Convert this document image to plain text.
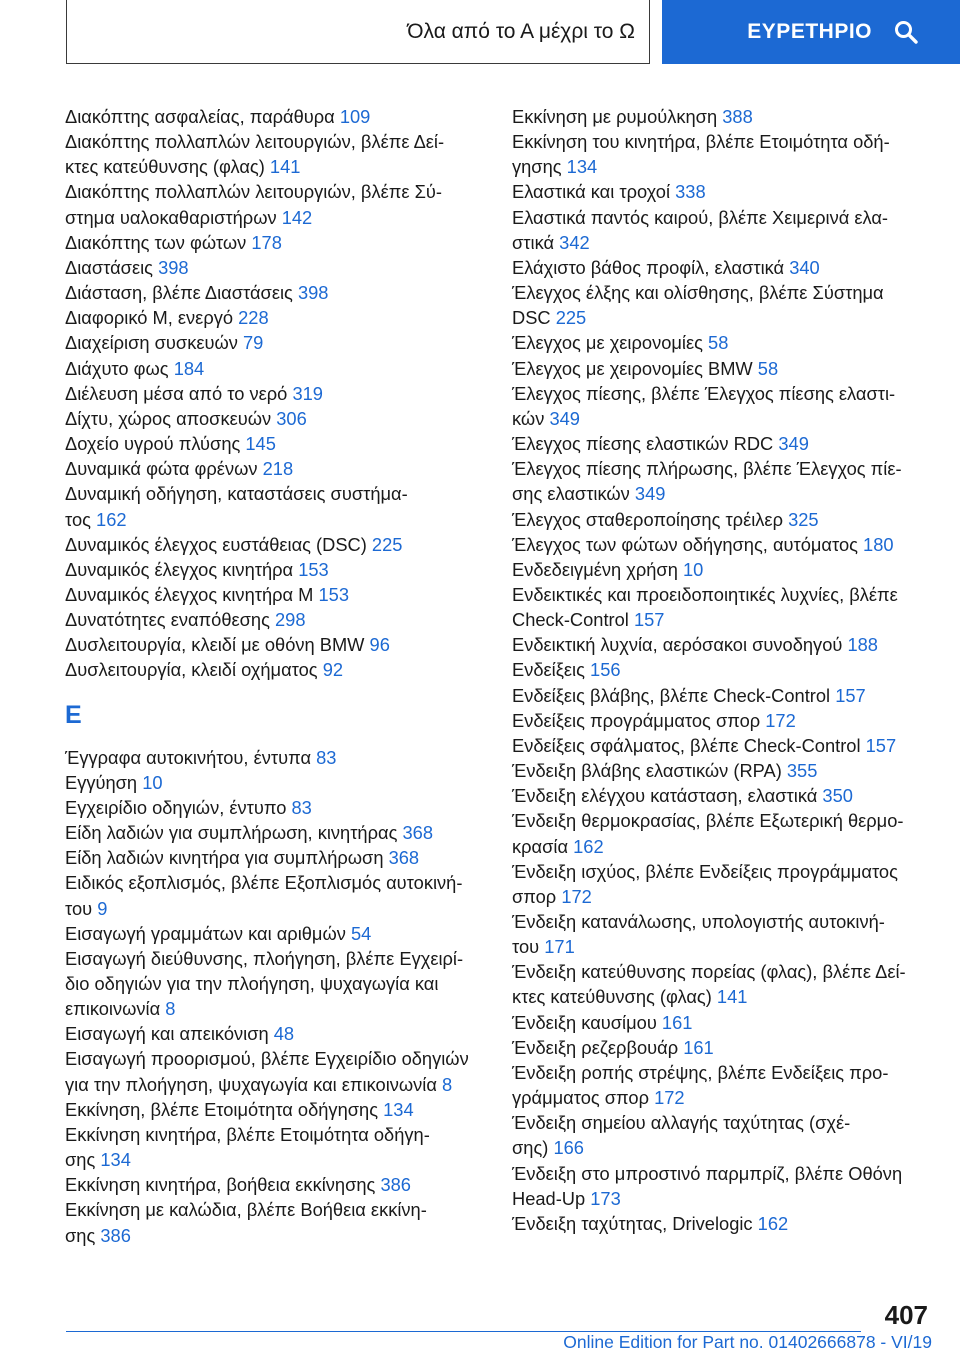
Όλα από το Α μέχρι το Ω	ΕΥΡΕΤΗΡΙΟ
Διακόπτης ασφαλείας, παράθυρα 109
Διακόπτης πολλαπλών λειτουργιών, βλέπε Δεί-
κτες κατεύθυνσης (φλας) 141
Διακόπτης πολλαπλών λειτουργιών, βλέπε Σύ-
στημα υαλοκαθαριστήρων 142
Διακόπτης των φώτων 178
Διαστάσεις 398
Διάσταση, βλέπε Διαστάσεις 398
Διαφορικό M, ενεργό 228
Διαχείριση συσκευών 79
Διάχυτο φως 184
Διέλευση μέσα από το νερό 319
Δίχτυ, χώρος αποσκευών 306
Δοχείο υγρού πλύσης 145
Δυναμικά φώτα φρένων 218
Δυναμική οδήγηση, καταστάσεις συστήμα-
τος 162
Δυναμικός έλεγχος ευστάθειας (DSC) 225
Δυναμικός έλεγχος κινητήρα 153
Δυναμικός έλεγχος κινητήρα M 153
Δυνατότητες εναπόθεσης 298
Δυσλειτουργία, κλειδί με οθόνη BMW 96
Δυσλειτουργία, κλειδί οχήματος 92
Ε
Έγγραφα αυτοκινήτου, έντυπα 83
Εγγύηση 10
Εγχειρίδιο οδηγιών, έντυπο 83
Είδη λαδιών για συμπλήρωση, κινητήρας 368
Είδη λαδιών κινητήρα για συμπλήρωση 368
Ειδικός εξοπλισμός, βλέπε Εξοπλισμός αυτοκινή-
του 9
Εισαγωγή γραμμάτων και αριθμών 54
Εισαγωγή διεύθυνσης, πλοήγηση, βλέπε Εγχειρί-
διο οδηγιών για την πλοήγηση, ψυχαγωγία και
επικοινωνία 8
Εισαγωγή και απεικόνιση 48
Εισαγωγή προορισμού, βλέπε Εγχειρίδιο οδηγιών
για την πλοήγηση, ψυχαγωγία και επικοινωνία 8
Εκκίνηση, βλέπε Ετοιμότητα οδήγησης 134
Εκκίνηση κινητήρα, βλέπε Ετοιμότητα οδήγη-
σης 134
Εκκίνηση κινητήρα, βοήθεια εκκίνησης 386
Εκκίνηση με καλώδια, βλέπε Βοήθεια εκκίνη-
σης 386
Εκκίνηση με ρυμούλκηση 388
Εκκίνηση του κινητήρα, βλέπε Ετοιμότητα οδή-
γησης 134
Ελαστικά και τροχοί 338
Ελαστικά παντός καιρού, βλέπε Χειμερινά ελα-
στικά 342
Ελάχιστο βάθος προφίλ, ελαστικά 340
Έλεγχος έλξης και ολίσθησης, βλέπε Σύστημα
DSC 225
Έλεγχος με χειρονομίες 58
Έλεγχος με χειρονομίες BMW 58
Έλεγχος πίεσης, βλέπε Έλεγχος πίεσης ελαστι-
κών 349
Έλεγχος πίεσης ελαστικών RDC 349
Έλεγχος πίεσης πλήρωσης, βλέπε Έλεγχος πίε-
σης ελαστικών 349
Έλεγχος σταθεροποίησης τρέιλερ 325
Έλεγχος των φώτων οδήγησης, αυτόματος 180
Ενδεδειγμένη χρήση 10
Ενδεικτικές και προειδοποιητικές λυχνίες, βλέπε
Check-Control 157
Ενδεικτική λυχνία, αερόσακοι συνοδηγού 188
Ενδείξεις 156
Ενδείξεις βλάβης, βλέπε Check-Control 157
Ενδείξεις προγράμματος σπορ 172
Ενδείξεις σφάλματος, βλέπε Check-Control 157
Ένδειξη βλάβης ελαστικών (RPA) 355
Ένδειξη ελέγχου κατάσταση, ελαστικά 350
Ένδειξη θερμοκρασίας, βλέπε Εξωτερική θερμο-
κρασία 162
Ένδειξη ισχύος, βλέπε Ενδείξεις προγράμματος
σπορ 172
Ένδειξη κατανάλωσης, υπολογιστής αυτοκινή-
του 171
Ένδειξη κατεύθυνσης πορείας (φλας), βλέπε Δεί-
κτες κατεύθυνσης (φλας) 141
Ένδειξη καυσίμου 161
Ένδειξη ρεζερβουάρ 161
Ένδειξη ροπής στρέψης, βλέπε Ενδείξεις προ-
γράμματος σπορ 172
Ένδειξη σημείου αλλαγής ταχύτητας (σχέ-
σης) 166
Ένδειξη στο μπροστινό παρμπρίζ, βλέπε Οθόνη
Head-Up 173
Ένδειξη ταχύτητας, Drivelogic 162
407
Online Edition for Part no. 01402666878 - VI/19
